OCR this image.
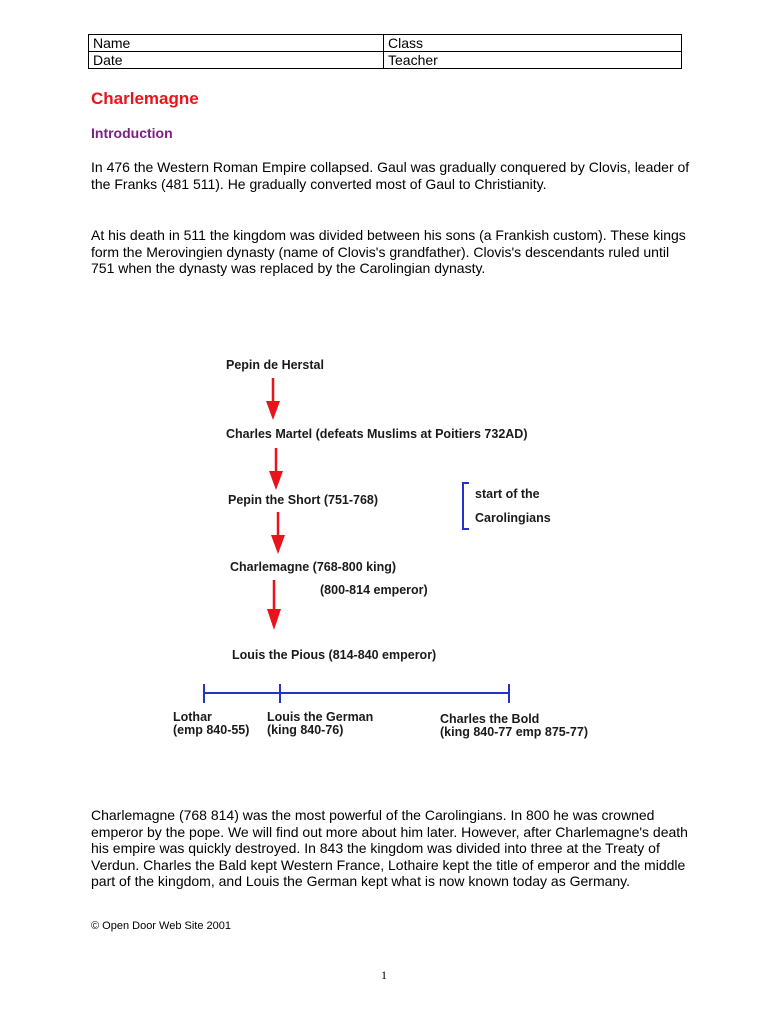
Name	Class
Date	Teacher
Charlemagne
Introduction

In 476 the Western Roman Empire collapsed. Gaul was gradually conquered by Clovis, leader of the Franks (481 511). He gradually converted most of Gaul to Christianity.

At his death in 511 the kingdom was divided between his sons (a Frankish custom). These kings form the Merovingien dynasty (name of Clovis's grandfather). Clovis's descendants ruled until 751 when the dynasty was replaced by the Carolingian dynasty.

Pepin de Herstal
Charles Martel (defeats Muslims at Poitiers 732AD)
Pepin the Short (751-768)
Charlemagne (768-800 king)
(800-814 emperor)
Louis the Pious (814-840 emperor)
start of the
Carolingians
Lothar
(emp 840-55)
Louis the German
(king 840-76)
Charles the Bold
(king 840-77 emp 875-77)

Charlemagne (768 814) was the most powerful of the Carolingians. In 800 he was crowned emperor by the pope. We will find out more about him later. However, after Charlemagne's death his empire was quickly destroyed. In 843 the kingdom was divided into three at the Treaty of Verdun. Charles the Bald kept Western France, Lothaire kept the title of emperor and the middle part of the kingdom, and Louis the German kept what is now known today as Germany.

© Open Door Web Site 2001

1
